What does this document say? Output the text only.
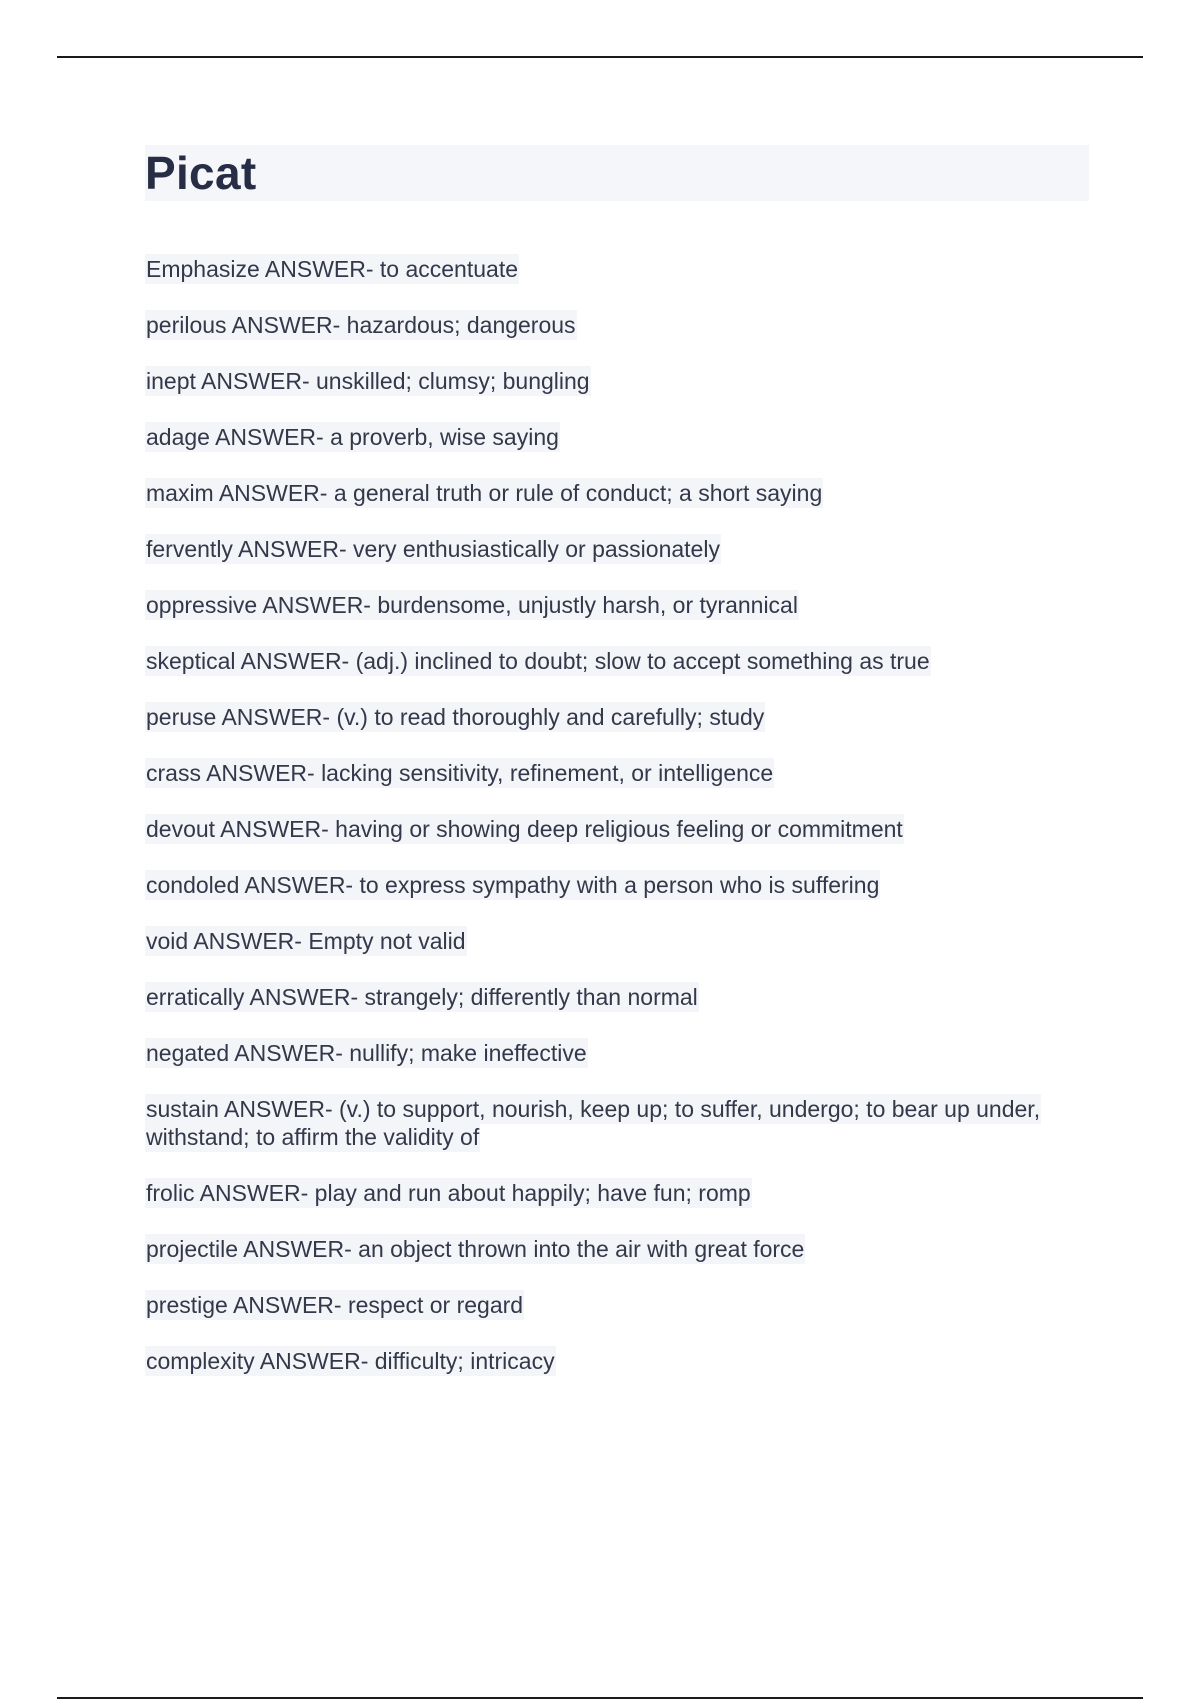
Picat
Emphasize ANSWER- to accentuate
perilous ANSWER- hazardous; dangerous
inept ANSWER- unskilled; clumsy; bungling
adage ANSWER- a proverb, wise saying
maxim ANSWER- a general truth or rule of conduct; a short saying
fervently ANSWER- very enthusiastically or passionately
oppressive ANSWER- burdensome, unjustly harsh, or tyrannical
skeptical ANSWER- (adj.) inclined to doubt; slow to accept something as true
peruse ANSWER- (v.) to read thoroughly and carefully; study
crass ANSWER- lacking sensitivity, refinement, or intelligence
devout ANSWER- having or showing deep religious feeling or commitment
condoled ANSWER- to express sympathy with a person who is suffering
void ANSWER- Empty not valid
erratically ANSWER- strangely; differently than normal
negated ANSWER- nullify; make ineffective
sustain ANSWER- (v.) to support, nourish, keep up; to suffer, undergo; to bear up under, withstand; to affirm the validity of
frolic ANSWER- play and run about happily; have fun; romp
projectile ANSWER- an object thrown into the air with great force
prestige ANSWER- respect or regard
complexity ANSWER- difficulty; intricacy
